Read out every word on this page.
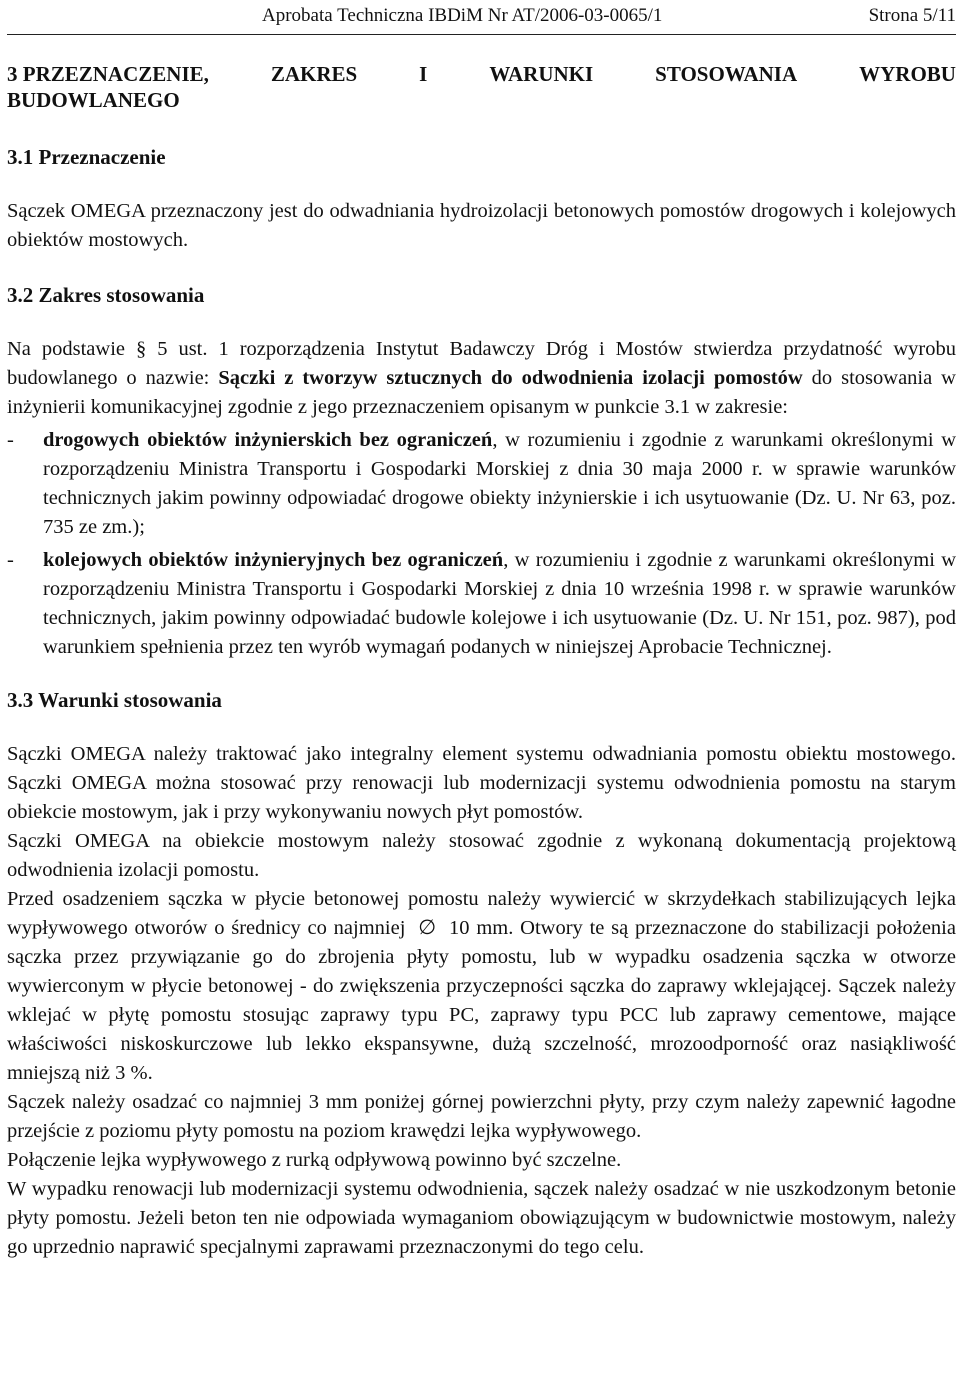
Aprobata Techniczna IBDiM Nr AT/2006-03-0065/1	Strona 5/11
3 PRZEZNACZENIE,	ZAKRES	I	WARUNKI	STOSOWANIA	WYROBU
BUDOWLANEGO
3.1 Przeznaczenie

Sączek OMEGA przeznaczony jest do odwadniania hydroizolacji betonowych pomostów drogowych i kolejowych obiektów mostowych.

3.2 Zakres stosowania

Na podstawie § 5 ust. 1 rozporządzenia Instytut Badawczy Dróg i Mostów stwierdza przydatność wyrobu budowlanego o nazwie: Sączki z tworzyw sztucznych do odwodnienia izolacji pomostów do stosowania w inżynierii komunikacyjnej zgodnie z jego przeznaczeniem opisanym w punkcie 3.1 w zakresie:

-	drogowych obiektów inżynierskich bez ograniczeń, w rozumieniu i zgodnie z warunkami określonymi w rozporządzeniu Ministra Transportu i Gospodarki Morskiej z dnia 30 maja 2000 r. w sprawie warunków technicznych jakim powinny odpowiadać drogowe obiekty inżynierskie i ich usytuowanie (Dz. U. Nr 63, poz. 735 ze zm.);

-	kolejowych obiektów inżynieryjnych bez ograniczeń, w rozumieniu i zgodnie z warunkami określonymi w rozporządzeniu Ministra Transportu i Gospodarki Morskiej z dnia 10 września 1998 r. w sprawie warunków technicznych, jakim powinny odpowiadać budowle kolejowe i ich usytuowanie (Dz. U. Nr 151, poz. 987), pod warunkiem spełnienia przez ten wyrób wymagań podanych w niniejszej Aprobacie Technicznej.

3.3 Warunki stosowania

Sączki OMEGA należy traktować jako integralny element systemu odwadniania pomostu obiektu mostowego. Sączki OMEGA można stosować przy renowacji lub modernizacji systemu odwodnienia pomostu na starym obiekcie mostowym, jak i przy wykonywaniu nowych płyt pomostów.

Sączki OMEGA na obiekcie mostowym należy stosować zgodnie z wykonaną dokumentacją projektową odwodnienia izolacji pomostu.

Przed osadzeniem sączka w płycie betonowej pomostu należy wywiercić w skrzydełkach stabilizujących lejka wypływowego otworów o średnicy co najmniej ∅ 10 mm. Otwory te są przeznaczone do stabilizacji położenia sączka przez przywiązanie go do zbrojenia płyty pomostu, lub w wypadku osadzenia sączka w otworze wywierconym w płycie betonowej - do zwiększenia przyczepności sączka do zaprawy wklejającej. Sączek należy wklejać w płytę pomostu stosując zaprawy typu PC, zaprawy typu PCC lub zaprawy cementowe, mające właściwości niskoskurczowe lub lekko ekspansywne, dużą szczelność, mrozoodporność oraz nasiąkliwość mniejszą niż 3 %.

Sączek należy osadzać co najmniej 3 mm poniżej górnej powierzchni płyty, przy czym należy zapewnić łagodne przejście z poziomu płyty pomostu na poziom krawędzi lejka wypływowego.

Połączenie lejka wypływowego z rurką odpływową powinno być szczelne.

W wypadku renowacji lub modernizacji systemu odwodnienia, sączek należy osadzać w nie uszkodzonym betonie płyty pomostu. Jeżeli beton ten nie odpowiada wymaganiom obowiązującym w budownictwie mostowym, należy go uprzednio naprawić specjalnymi zaprawami przeznaczonymi do tego celu.
